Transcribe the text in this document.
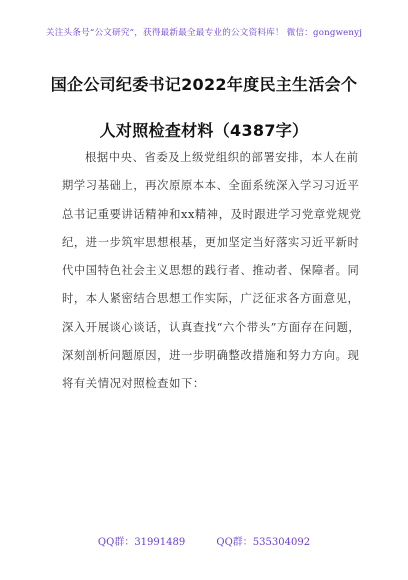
关注头条号“公文研究”，获得最新最全最专业的公文资料库！ 微信：gongwenyj
国企公司纪委书记2022年度民主生活会个
人对照检查材料（4387字）
根据中央、省委及上级党组织的部署安排，本人在前
期学习基础上，再次原原本本、全面系统深入学习习近平
总书记重要讲话精神和xx精神，及时跟进学习党章党规党
纪，进一步筑牢思想根基，更加坚定当好落实习近平新时
代中国特色社会主义思想的践行者、推动者、保障者。同
时，本人紧密结合思想工作实际，广泛征求各方面意见，
深入开展谈心谈话，认真查找“六个带头”方面存在问题，
深刻剖析问题原因，进一步明确整改措施和努力方向。现
将有关情况对照检查如下：
QQ群：31991489	QQ群：535304092
